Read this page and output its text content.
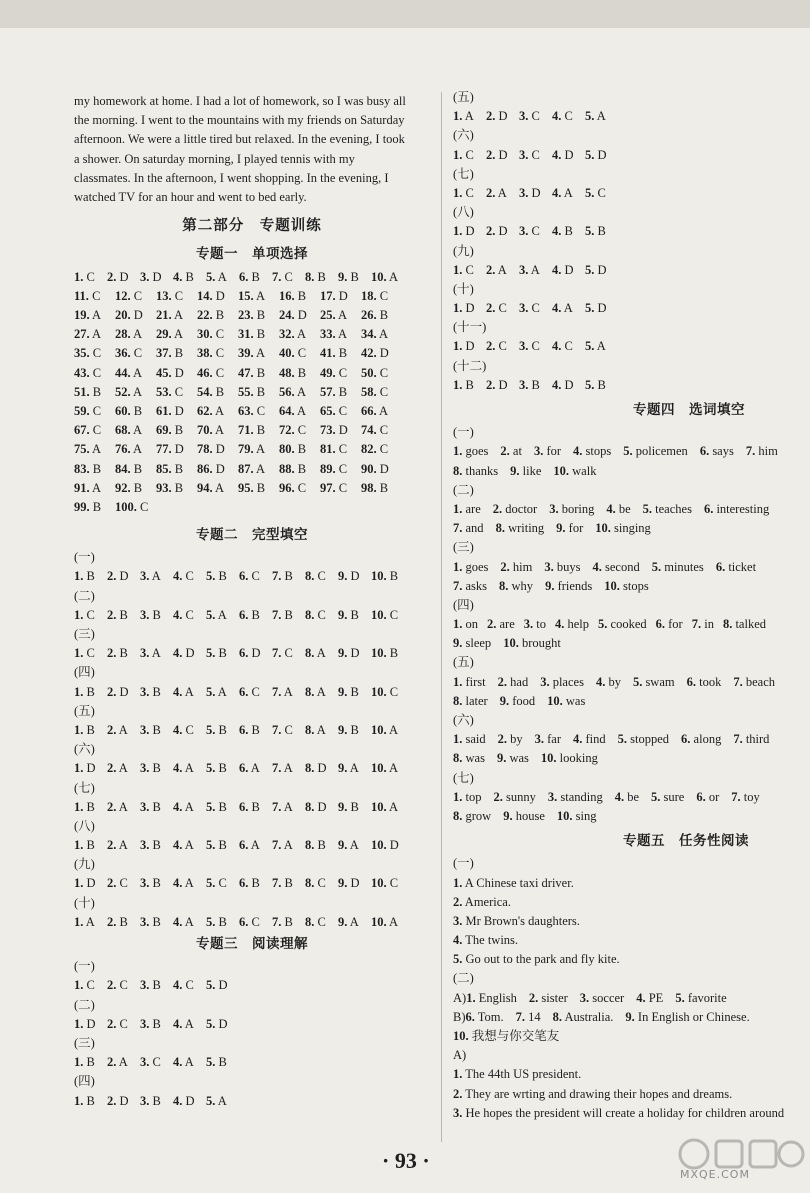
my homework at home. I had a lot of homework, so I was busy all
the morning. I went to the mountains with my friends on Saturday
afternoon. We were a little tired but relaxed. In the evening, I took
a shower. On saturday morning, I played tennis with my
classmates. In the afternoon, I went shopping. In the evening, I
watched TV for an hour and went to bed early.
第二部分　专题训练
专题一　单项选择
1. C 2. D 3. D 4. B 5. A 6. B 7. C 8. B 9. B 10. A
11. C	12. C	13. C	14. D	15. A	16. B	17. D	18. C
19. A	20. D	21. A	22. B	23. B	24. D	25. A	26. B
27. A	28. A	29. A	30. C	31. B	32. A	33. A	34. A
35. C	36. C	37. B	38. C	39. A	40. C	41. B	42. D
43. C	44. A	45. D	46. C	47. B	48. B	49. C	50. C
51. B	52. A	53. C	54. B	55. B	56. A	57. B	58. C
59. C	60. B	61. D	62. A	63. C	64. A	65. C	66. A
67. C	68. A	69. B	70. A	71. B	72. C	73. D	74. C
75. A	76. A	77. D	78. D	79. A	80. B	81. C	82. C
83. B	84. B	85. B	86. D	87. A	88. B	89. C	90. D
91. A	92. B	93. B	94. A	95. B	96. C	97. C	98. B
99. B	100. C
专题二　完型填空
(一)
1. B 2. D 3. A 4. C 5. B 6. C 7. B 8. C 9. D 10. B
(二)
1. C 2. B 3. B 4. C 5. A 6. B 7. B 8. C 9. B 10. C
(三)
1. C 2. B 3. A 4. D 5. B 6. D 7. C 8. A 9. D 10. B
(四)
1. B 2. D 3. B 4. A 5. A 6. C 7. A 8. A 9. B 10. C
(五)
1. B 2. A 3. B 4. C 5. B 6. B 7. C 8. A 9. B 10. A
(六)
1. D 2. A 3. B 4. A 5. B 6. A 7. A 8. D 9. A 10. A
(七)
1. B 2. A 3. B 4. A 5. B 6. B 7. A 8. D 9. B 10. A
(八)
1. B 2. A 3. B 4. A 5. B 6. A 7. A 8. B 9. A 10. D
(九)
1. D 2. C 3. B 4. A 5. C 6. B 7. B 8. C 9. D 10. C
(十)
1. A 2. B 3. B 4. A 5. B 6. C 7. B 8. C 9. A 10. A
专题三　阅读理解
(一)
1. C 2. C 3. B 4. C 5. D
(二)
1. D 2. C 3. B 4. A 5. D
(三)
1. B 2. A 3. C 4. A 5. B
(四)
1. B 2. D 3. B 4. D 5. A
(五)
1. A 2. D 3. C 4. C 5. A
(六)
1. C 2. D 3. C 4. D 5. D
(七)
1. C 2. A 3. D 4. A 5. C
(八)
1. D 2. D 3. C 4. B 5. B
(九)
1. C 2. A 3. A 4. D 5. D
(十)
1. D 2. C 3. C 4. A 5. D
(十一)
1. D 2. C 3. C 4. C 5. A
(十二)
1. B 2. D 3. B 4. D 5. B
专题四　选词填空
(一)
1. goes 2. at 3. for 4. stops 5. policemen 6. says 7. him
8. thanks 9. like 10. walk
(二)
1. are 2. doctor 3. boring 4. be 5. teaches 6. interesting
7. and 8. writing 9. for 10. singing
(三)
1. goes 2. him 3. buys 4. second 5. minutes 6. ticket
7. asks 8. why 9. friends 10. stops
(四)
1. on 2. are 3. to 4. help 5. cooked 6. for 7. in 8. talked
9. sleep 10. brought
(五)
1. first 2. had 3. places 4. by 5. swam 6. took 7. beach
8. later 9. food 10. was
(六)
1. said 2. by 3. far 4. find 5. stopped 6. along 7. third
8. was 9. was 10. looking
(七)
1. top 2. sunny 3. standing 4. be 5. sure 6. or 7. toy
8. grow 9. house 10. sing
专题五　任务性阅读
(一)
1. A Chinese taxi driver.
2. America.
3. Mr Brown's daughters.
4. The twins.
5. Go out to the park and fly kite.
(二)
A)1. English 2. sister 3. soccer 4. PE 5. favorite
B)6. Tom. 7. 14 8. Australia. 9. In English or Chinese.
10. 我想与你交笔友
A)
1. The 44th US president.
2. They are wrting and drawing their hopes and dreams.
3. He hopes the president will create a holiday for children around
· 93 ·
MXQE.COM
